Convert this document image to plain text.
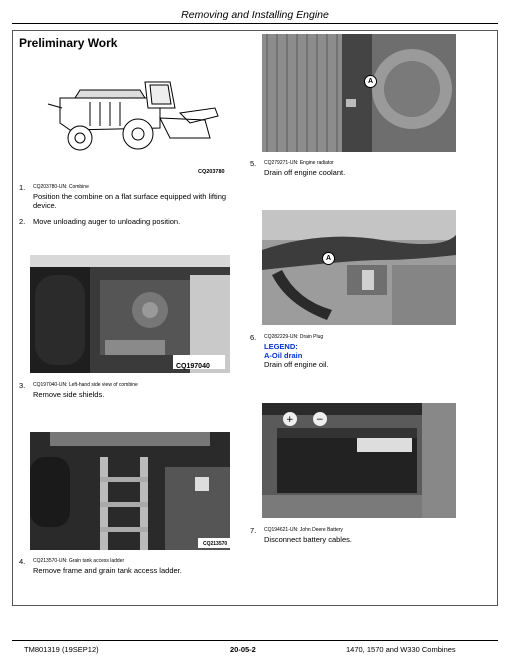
Removing and Installing Engine
Preliminary Work
CQ203780
1. CQ203780-UN: Combine
Position the combine on a flat surface equipped with lifting device.
2. Move unloading auger to unloading position.
CQ197040
3. CQ197040-UN: Left-hand side view of combine
Remove side shields.
CQ213570
4. CQ213570-UN: Grain tank access ladder
Remove frame and grain tank access ladder.
A
5. CQ279271-UN: Engine radiator
Drain off engine coolant.
A
6. CQ282229-UN: Drain Plug
LEGEND:
A-Oil drain
Drain off engine oil.
+ −
7. CQ194621-UN: John Deere Battery
Disconnect battery cables.
TM801319 (19SEP12)	20-05-2	1470, 1570 and W330 Combines
